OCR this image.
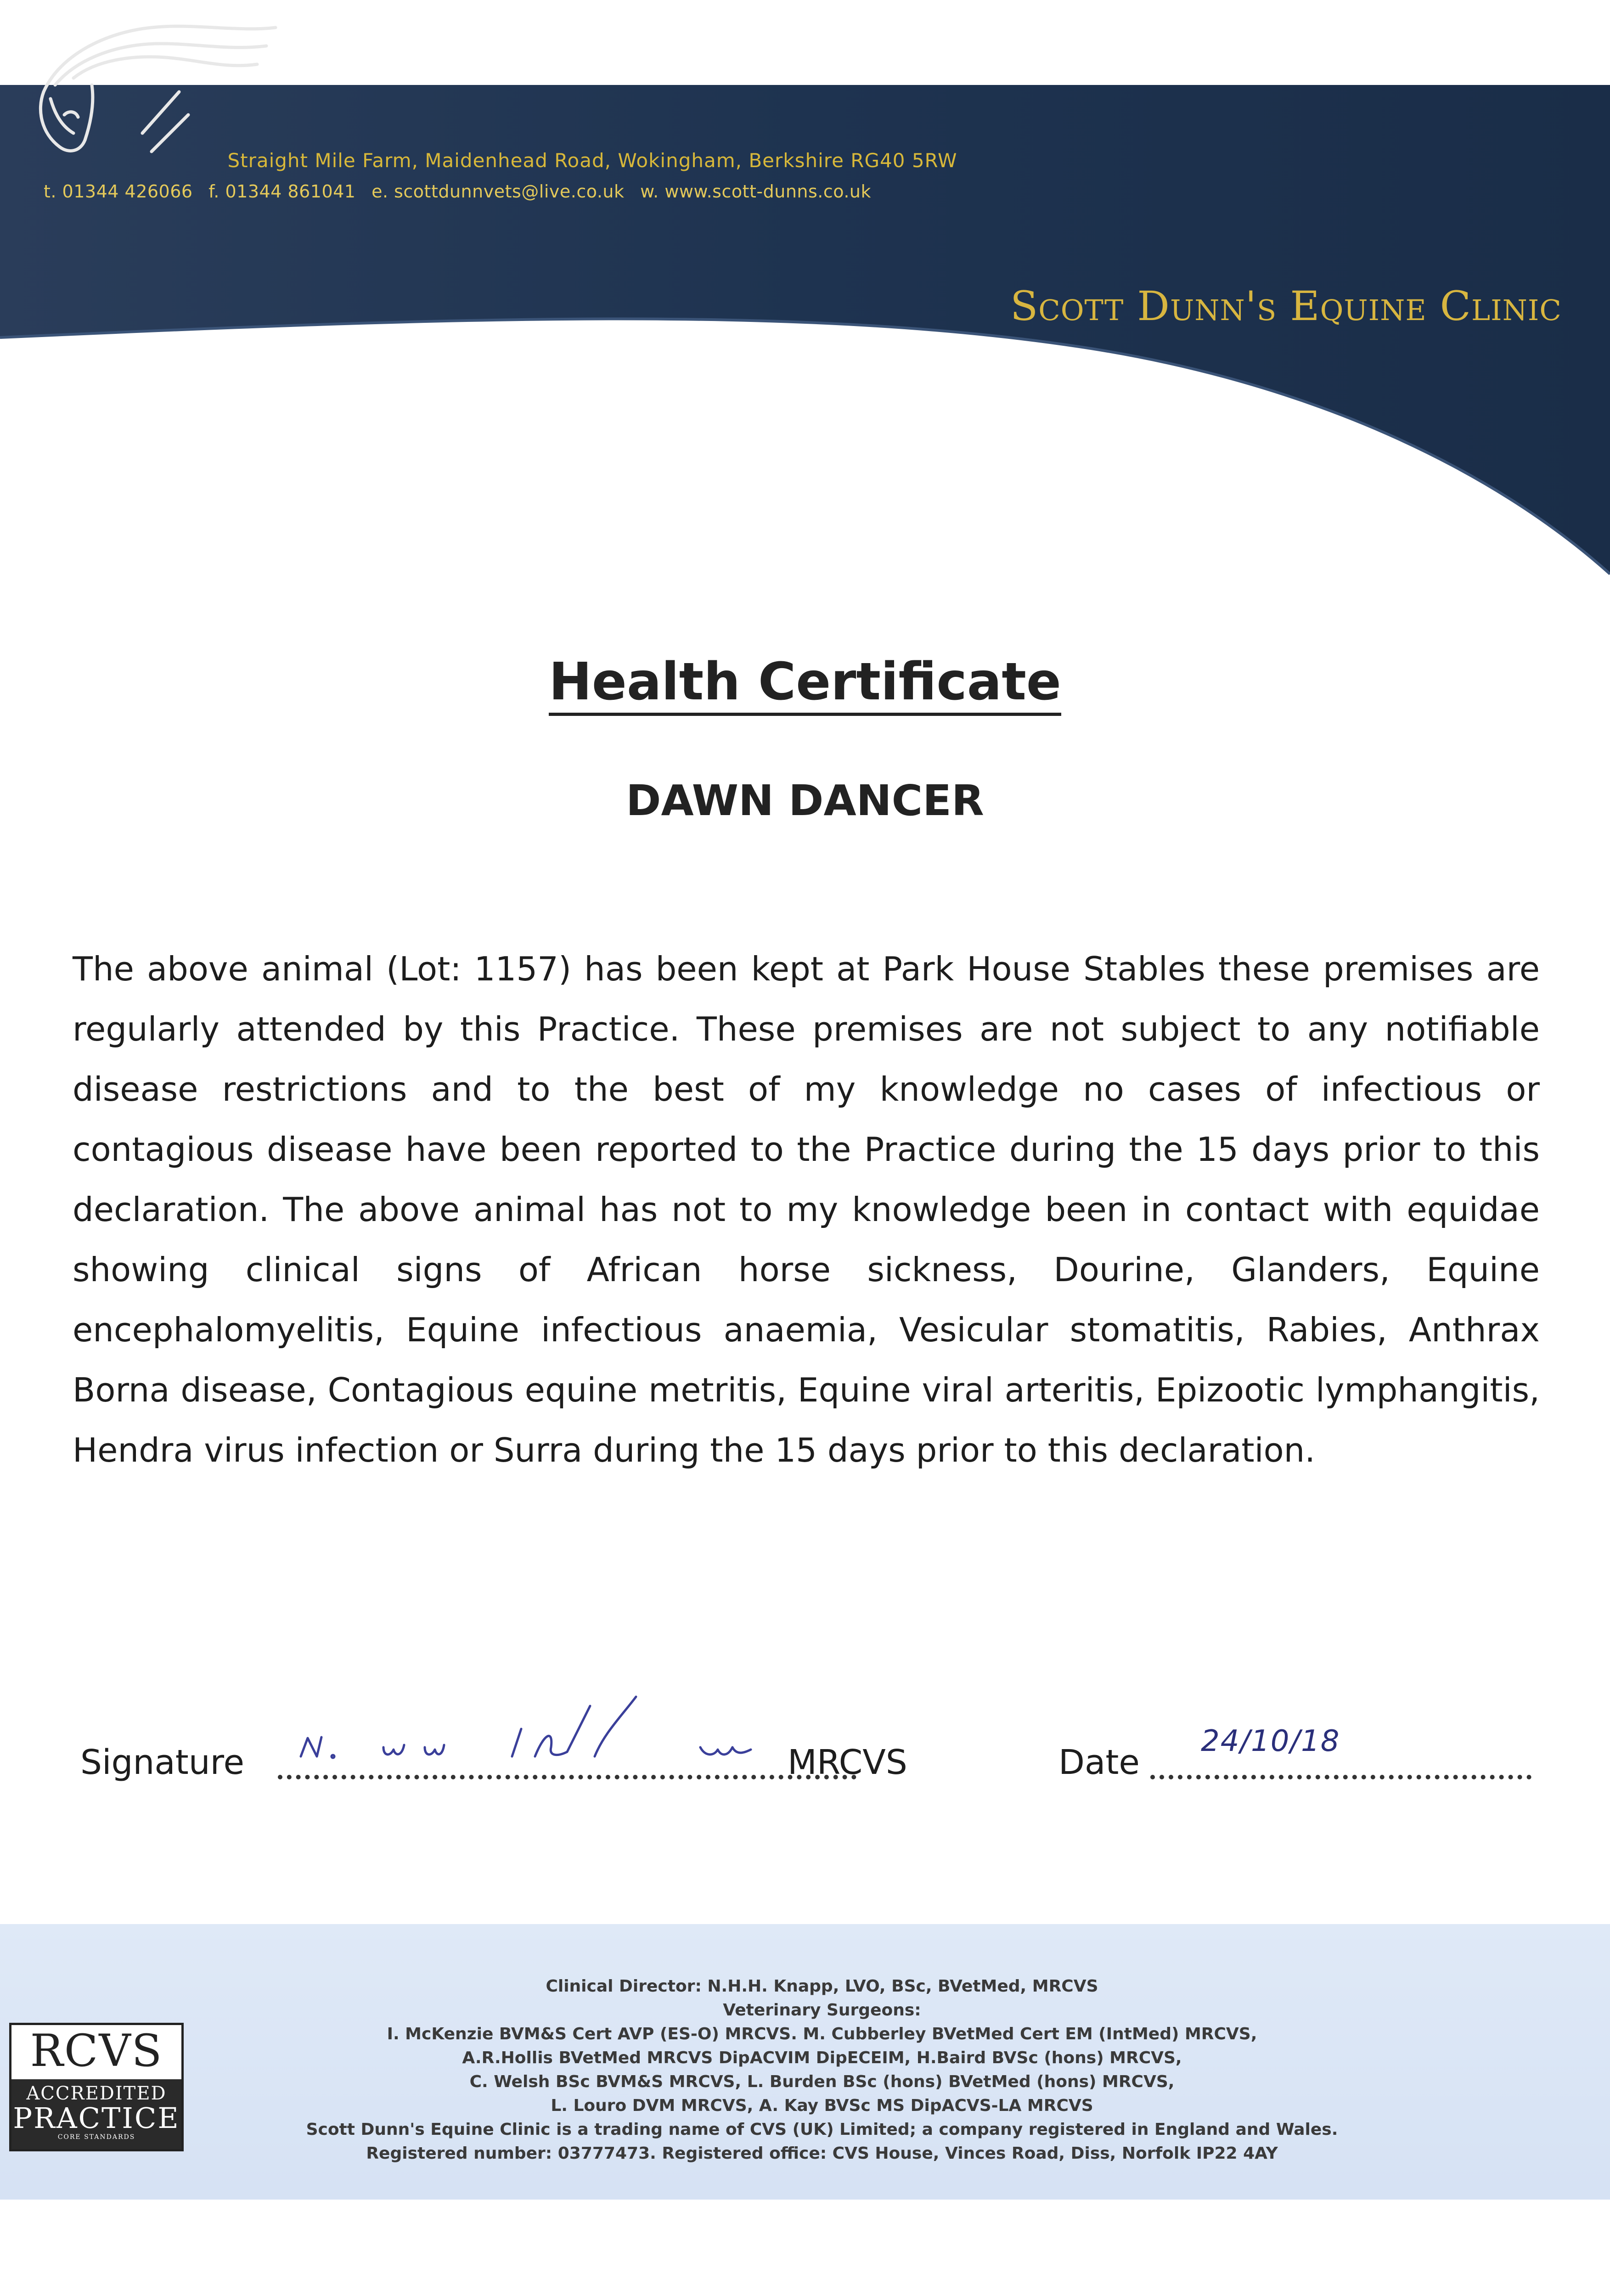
Straight Mile Farm, Maidenhead Road, Wokingham, Berkshire RG40 5RW
t. 01344 426066 f. 01344 861041 e. scottdunnvets@live.co.uk w. www.scott-dunns.co.uk
Scott Dunn's Equine Clinic
Health Certificate
DAWN DANCER
The above animal (Lot: 1157) has been kept at Park House Stables these premises are regularly attended by this Practice. These premises are not subject to any notifiable disease restrictions and to the best of my knowledge no cases of infectious or contagious disease have been reported to the Practice during the 15 days prior to this declaration. The above animal has not to my knowledge been in contact with equidae showing clinical signs of African horse sickness, Dourine, Glanders, Equine encephalomyelitis, Equine infectious anaemia, Vesicular stomatitis, Rabies, Anthrax Borna disease, Contagious equine metritis, Equine viral arteritis, Epizootic lymphangitis, Hendra virus infection or Surra during the 15 days prior to this declaration.
Signature	MRCVS	Date
24/10/18
RCVS
ACCREDITED
PRACTICE
CORE STANDARDS
Clinical Director: N.H.H. Knapp, LVO, BSc, BVetMed, MRCVS
Veterinary Surgeons:
I. McKenzie BVM&S Cert AVP (ES-O) MRCVS. M. Cubberley BVetMed Cert EM (IntMed) MRCVS,
A.R.Hollis BVetMed MRCVS DipACVIM DipECEIM, H.Baird BVSc (hons) MRCVS,
C. Welsh BSc BVM&S MRCVS, L. Burden BSc (hons) BVetMed (hons) MRCVS,
L. Louro DVM MRCVS, A. Kay BVSc MS DipACVS-LA MRCVS
Scott Dunn's Equine Clinic is a trading name of CVS (UK) Limited; a company registered in England and Wales.
Registered number: 03777473. Registered office: CVS House, Vinces Road, Diss, Norfolk IP22 4AY
